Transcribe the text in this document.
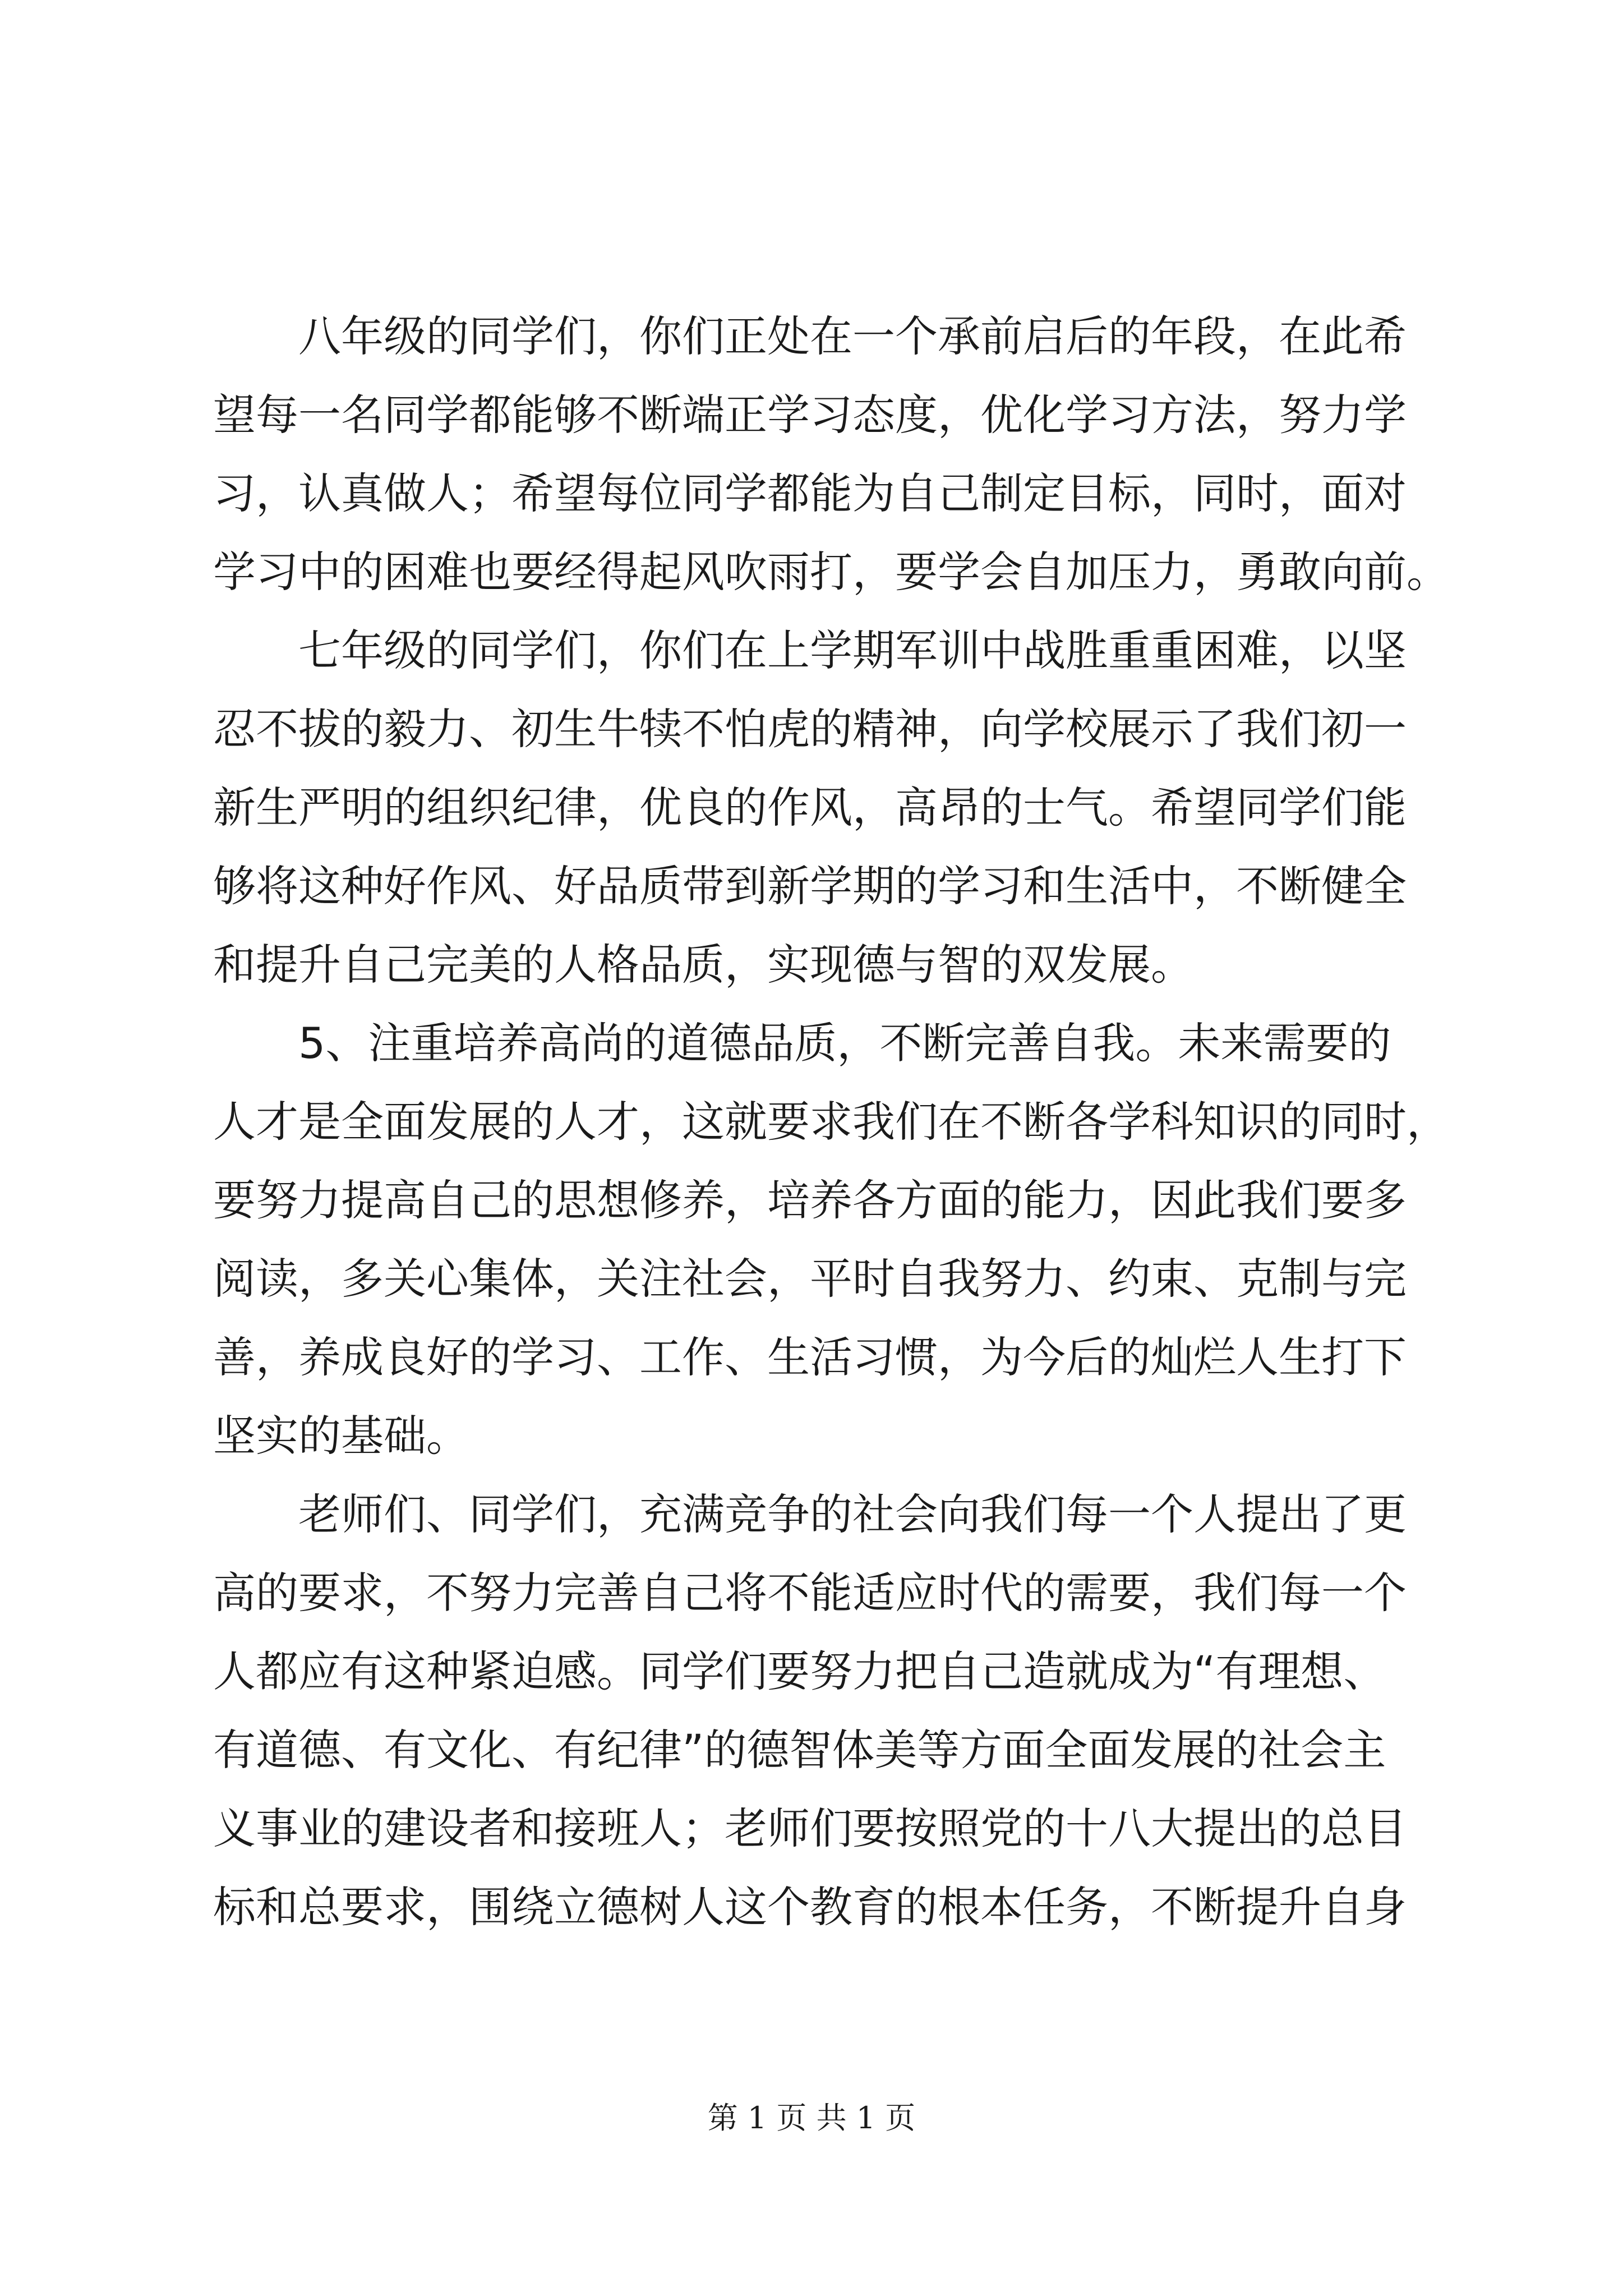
八年级的同学们，你们正处在一个承前启后的年段，在此希
望每一名同学都能够不断端正学习态度，优化学习方法，努力学
习，认真做人；希望每位同学都能为自己制定目标，同时，面对
学习中的困难也要经得起风吹雨打，要学会自加压力，勇敢向前。
七年级的同学们，你们在上学期军训中战胜重重困难，以坚
忍不拔的毅力、初生牛犊不怕虎的精神，向学校展示了我们初一
新生严明的组织纪律，优良的作风，高昂的士气。希望同学们能
够将这种好作风、好品质带到新学期的学习和生活中，不断健全
和提升自己完美的人格品质，实现德与智的双发展。
5、注重培养高尚的道德品质，不断完善自我。未来需要的
人才是全面发展的人才，这就要求我们在不断各学科知识的同时，
要努力提高自己的思想修养，培养各方面的能力，因此我们要多
阅读，多关心集体，关注社会，平时自我努力、约束、克制与完
善，养成良好的学习、工作、生活习惯，为今后的灿烂人生打下
坚实的基础。
老师们、同学们，充满竞争的社会向我们每一个人提出了更
高的要求，不努力完善自己将不能适应时代的需要，我们每一个
人都应有这种紧迫感。同学们要努力把自己造就成为“有理想、
有道德、有文化、有纪律”的德智体美等方面全面发展的社会主
义事业的建设者和接班人；老师们要按照党的十八大提出的总目
标和总要求，围绕立德树人这个教育的根本任务，不断提升自身
第 1 页 共 1 页
